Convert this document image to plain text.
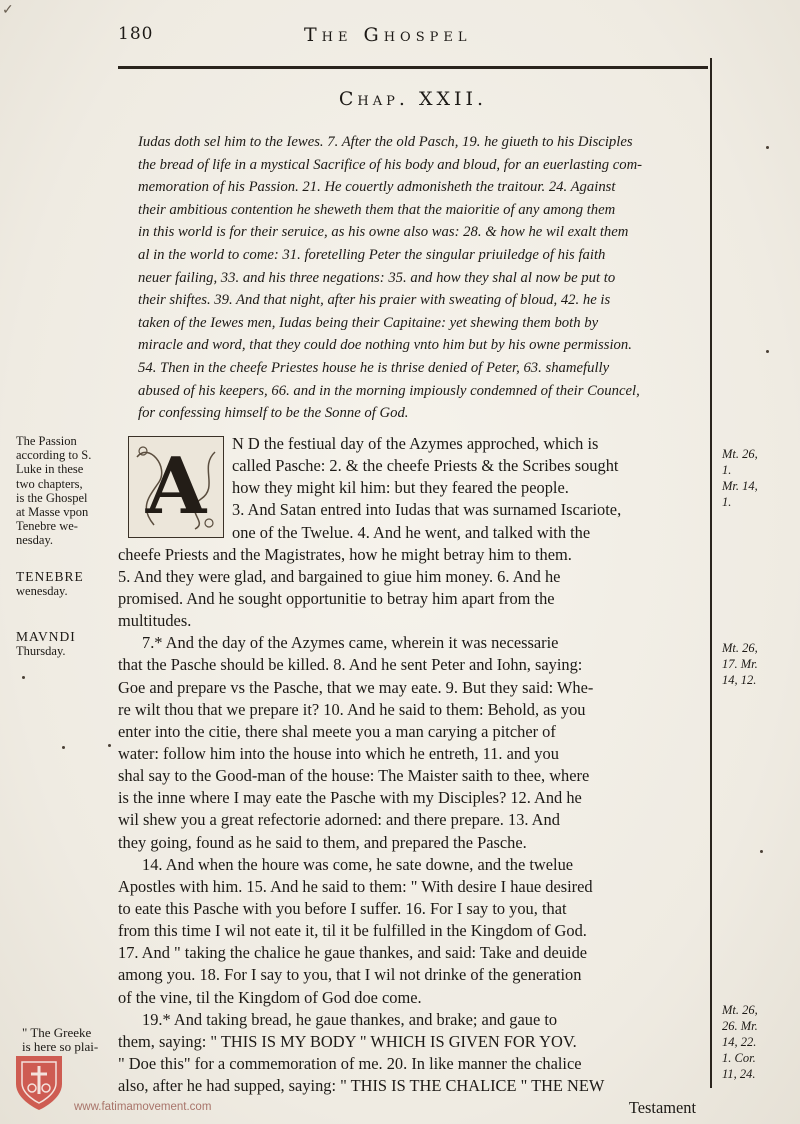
✓
180	The Ghospel
Chap. XXII.
Iudas doth sel him to the Iewes. 7. After the old Pasch, 19. he giueth to his Disciples
the bread of life in a mystical Sacrifice of his body and bloud, for an euerlasting com-
memoration of his Passion. 21. He couertly admonisheth the traitour. 24. Against
their ambitious contention he sheweth them that the maioritie of any among them
in this world is for their seruice, as his owne also was: 28. & how he wil exalt them
al in the world to come: 31. foretelling Peter the singular priuiledge of his faith
neuer failing, 33. and his three negations: 35. and how they shal al now be put to
their shiftes. 39. And that night, after his praier with sweating of bloud, 42. he is
taken of the Iewes men, Iudas being their Capitaine: yet shewing them both by
miracle and word, that they could doe nothing vnto him but by his owne permission.
54. Then in the cheefe Priestes house he is thrise denied of Peter, 63. shamefully
abused of his keepers, 66. and in the morning impiously condemned of their Councel,
for confessing himself to be the Sonne of God.
A	N D the festiual day of the Azymes approched, which is
called Pasche: 2. & the cheefe Priests & the Scribes sought
how they might kil him: but they feared the people.
3. And Satan entred into Iudas that was surnamed Iscariote,
one of the Twelue. 4. And he went, and talked with the
cheefe Priests and the Magistrates, how he might betray him to them.
5. And they were glad, and bargained to giue him money. 6. And he
promised. And he sought opportunitie to betray him apart from the
multitudes.
7.* And the day of the Azymes came, wherein it was necessarie
that the Pasche should be killed. 8. And he sent Peter and Iohn, saying:
Goe and prepare vs the Pasche, that we may eate. 9. But they said: Whe-
re wilt thou that we prepare it? 10. And he said to them: Behold, as you
enter into the citie, there shal meete you a man carying a pitcher of
water: follow him into the house into which he entreth, 11. and you
shal say to the Good-man of the house: The Maister saith to thee, where
is the inne where I may eate the Pasche with my Disciples? 12. And he
wil shew you a great refectorie adorned: and there prepare. 13. And
they going, found as he said to them, and prepared the Pasche.
14. And when the houre was come, he sate downe, and the twelue
Apostles with him. 15. And he said to them: " With desire I haue desired
to eate this Pasche with you before I suffer. 16. For I say to you, that
from this time I wil not eate it, til it be fulfilled in the Kingdom of God.
17. And " taking the chalice he gaue thankes, and said: Take and deuide
among you. 18. For I say to you, that I wil not drinke of the generation
of the vine, til the Kingdom of God doe come.
19.* And taking bread, he gaue thankes, and brake; and gaue to
them, saying: " THIS IS MY BODY " WHICH IS GIVEN FOR YOV.
" Doe this" for a commemoration of me. 20. In like manner the chalice
also, after he had supped, saying: " THIS IS THE CHALICE " THE NEW
Testament
The Passion
according to S.
Luke in these
two chapters,
is the Ghospel
at Masse vpon
Tenebre we-
nesday.
TENEBRE
wenesday.
MAVNDI
Thursday.
" The Greeke
is here so plai-
Mt. 26,
1.
Mr. 14,
1.
Mt. 26,
17. Mr.
14, 12.
Mt. 26,
26. Mr.
14, 22.
1. Cor.
11, 24.
www.fatimamovement.com
